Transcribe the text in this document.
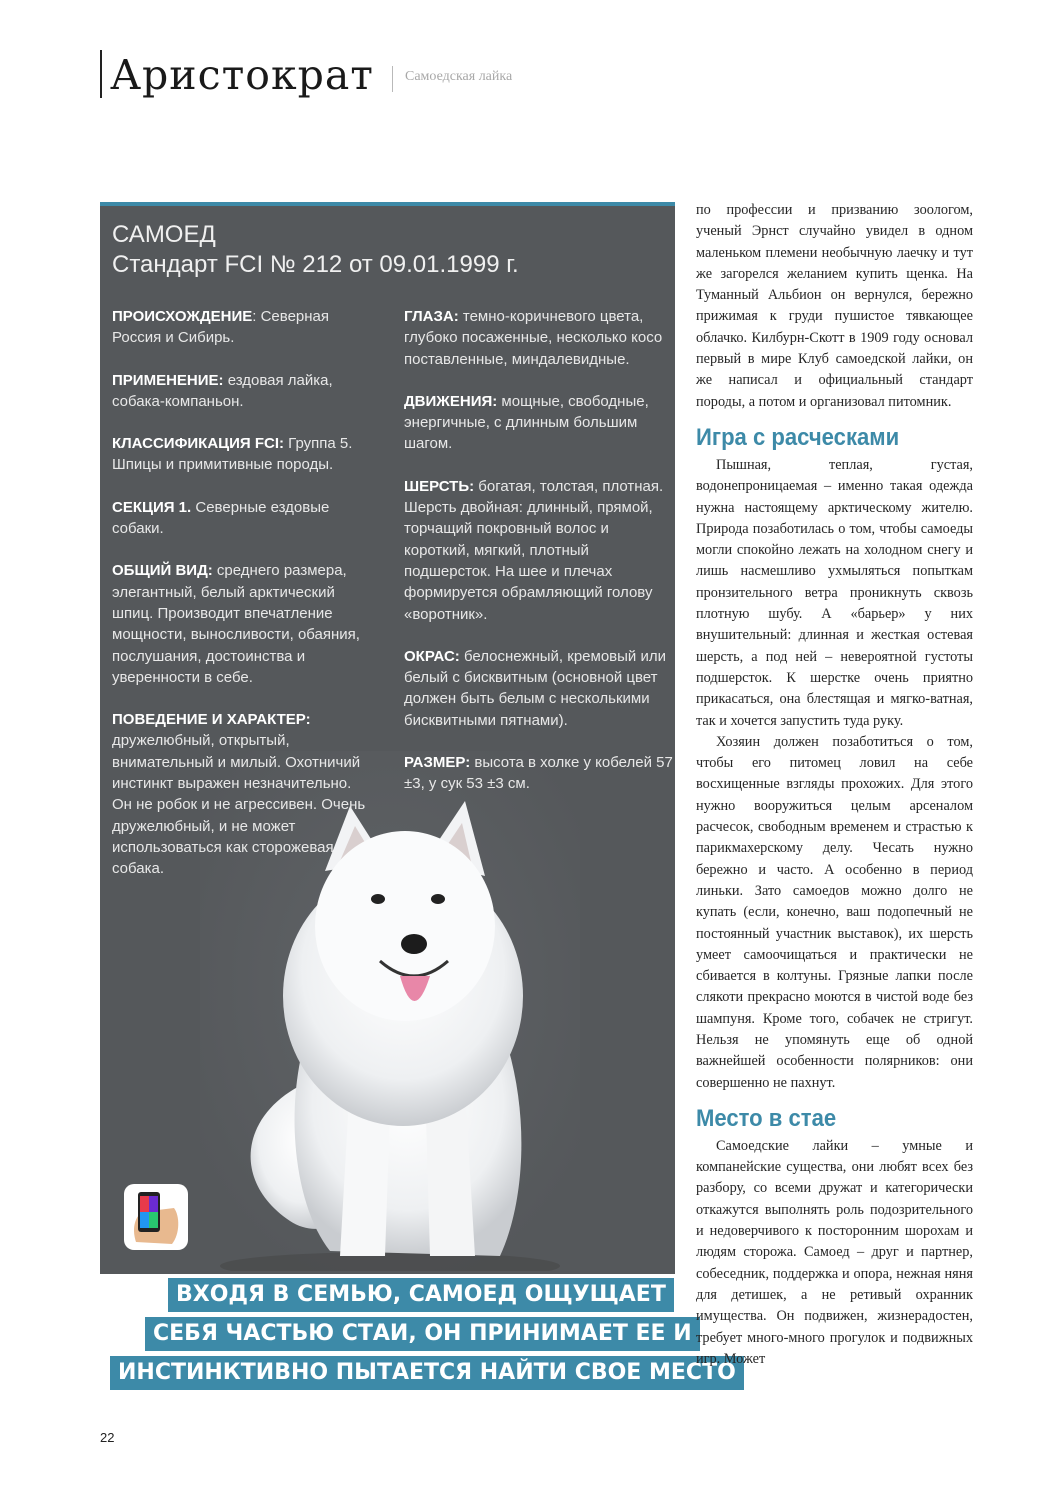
Аристократ Самоедская лайка
САМОЕД
Стандарт FCI № 212 от 09.01.1999 г.

ПРОИСХОЖДЕНИЕ: Северная Россия и Сибирь.

ПРИМЕНЕНИЕ: ездовая лайка, собака-компаньон.

КЛАССИФИКАЦИЯ FCI: Группа 5. Шпицы и примитивные породы.

СЕКЦИЯ 1. Северные ездовые собаки.

ОБЩИЙ ВИД: среднего размера, элегантный, белый арктический шпиц. Производит впечатление мощности, выносливости, обаяния, послушания, достоинства и уверенности в себе.

ПОВЕДЕНИЕ И ХАРАКТЕР: дружелюбный, открытый, внимательный и милый. Охотничий инстинкт выражен незначительно. Он не робок и не агрессивен. Очень дружелюбный, и не может использоваться как сторожевая собака.

ГЛАЗА: темно-коричневого цвета, глубоко посаженные, несколько косо поставленные, миндалевидные.

ДВИЖЕНИЯ: мощные, свободные, энергичные, с длинным большим шагом.

ШЕРСТЬ: богатая, толстая, плотная. Шерсть двойная: длинный, прямой, торчащий покровный волос и короткий, мягкий, плотный подшерсток. На шее и плечах формируется обрамляющий голову «воротник».

ОКРАС: белоснежный, кремовый или белый с бисквитным (основной цвет должен быть белым с несколькими бисквитными пятнами).

РАЗМЕР: высота в холке у кобелей 57 ±3, у сук 53 ±3 см.

ВХОДЯ В СЕМЬЮ, САМОЕД ОЩУЩАЕТ
СЕБЯ ЧАСТЬЮ СТАИ, ОН ПРИНИМАЕТ ЕЕ И
ИНСТИНКТИВНО ПЫТАЕТСЯ НАЙТИ СВОЕ МЕСТО

по профессии и призванию зоологом, ученый Эрнст случайно увидел в одном маленьком племени необычную лаечку и тут же загорелся желанием купить щенка. На Туманный Альбион он вернулся, бережно прижимая к груди пушистое тявкающее облачко. Килбурн-Скотт в 1909 году основал первый в мире Клуб самоедской лайки, он же написал и официальный стандарт породы, а потом и организовал питомник.

Игра с расческами

Пышная, теплая, густая, водонепроницаемая – именно такая одежда нужна настоящему арктическому жителю. Природа позаботилась о том, чтобы самоеды могли спокойно лежать на холодном снегу и лишь насмешливо ухмыляться попыткам пронзительного ветра проникнуть сквозь плотную шубу. А «барьер» у них внушительный: длинная и жесткая остевая шерсть, а под ней – невероятной густоты подшерсток. К шерстке очень приятно прикасаться, она блестящая и мягко-ватная, так и хочется запустить туда руку.

Хозяин должен позаботиться о том, чтобы его питомец ловил на себе восхищенные взгляды прохожих. Для этого нужно вооружиться целым арсеналом расчесок, свободным временем и страстью к парикмахерскому делу. Чесать нужно бережно и часто. А особенно в период линьки. Зато самоедов можно долго не купать (если, конечно, ваш подопечный не постоянный участник выставок), их шерсть умеет самоочищаться и практически не сбивается в колтуны. Грязные лапки после слякоти прекрасно моются в чистой воде без шампуня. Кроме того, собачек не стригут. Нельзя не упомянуть еще об одной важнейшей особенности полярников: они совершенно не пахнут.

Место в стае

Самоедские лайки – умные и компанейские существа, они любят всех без разбору, со всеми дружат и категорически откажутся выполнять роль подозрительного и недоверчивого к посторонним шорохам и людям сторожа. Самоед – друг и партнер, собеседник, поддержка и опора, нежная няня для детишек, а не ретивый охранник имущества. Он подвижен, жизнерадостен, требует много-много прогулок и подвижных игр. Может

22
